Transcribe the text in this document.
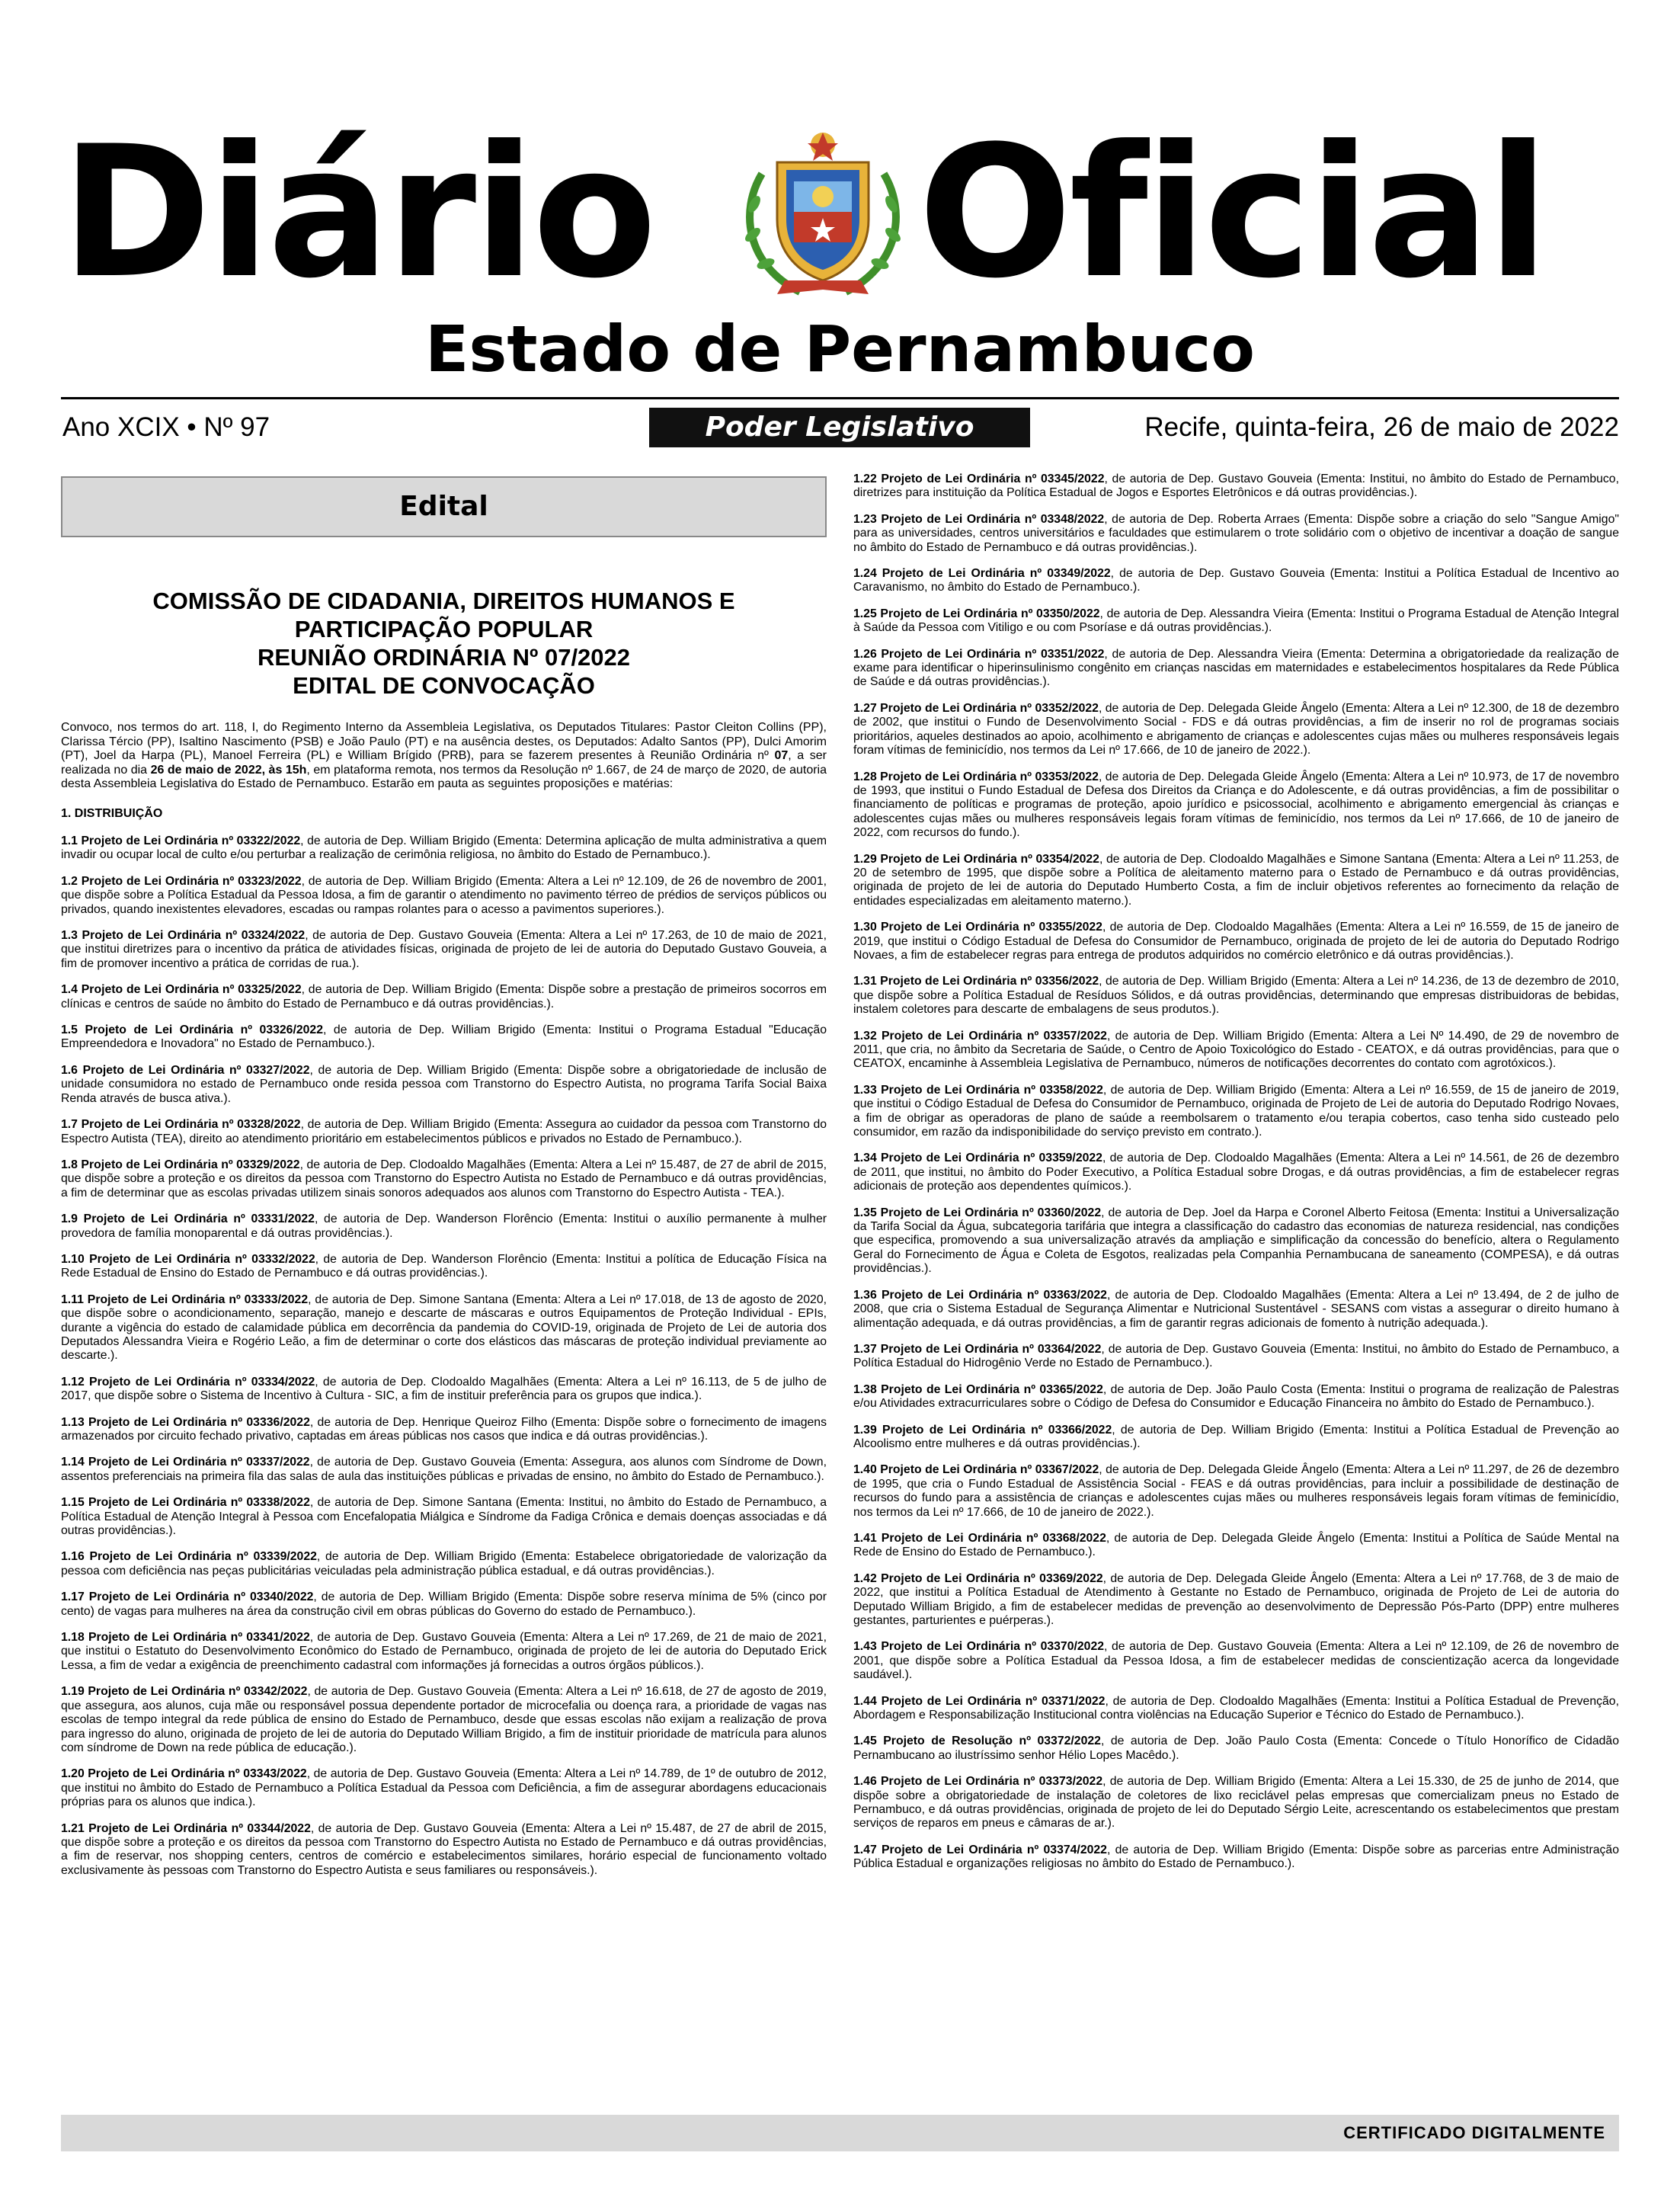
Diário Oficial
Estado de Pernambuco
Ano XCIX • Nº 97	Poder Legislativo	Recife, quinta-feira, 26 de maio de 2022
Edital
COMISSÃO DE CIDADANIA, DIREITOS HUMANOS E
PARTICIPAÇÃO POPULAR
REUNIÃO ORDINÁRIA Nº 07/2022
EDITAL DE CONVOCAÇÃO

Convoco, nos termos do art. 118, I, do Regimento Interno da Assembleia Legislativa, os Deputados Titulares: Pastor Cleiton Collins (PP), Clarissa Tércio (PP), Isaltino Nascimento (PSB) e João Paulo (PT) e na ausência destes, os Deputados: Adalto Santos (PP), Dulci Amorim (PT), Joel da Harpa (PL), Manoel Ferreira (PL) e William Brígido (PRB), para se fazerem presentes à Reunião Ordinária nº 07, a ser realizada no dia 26 de maio de 2022, às 15h, em plataforma remota, nos termos da Resolução nº 1.667, de 24 de março de 2020, de autoria desta Assembleia Legislativa do Estado de Pernambuco. Estarão em pauta as seguintes proposições e matérias:

1. DISTRIBUIÇÃO

1.1 Projeto de Lei Ordinária nº 03322/2022, de autoria de Dep. William Brigido (Ementa: Determina aplicação de multa administrativa a quem invadir ou ocupar local de culto e/ou perturbar a realização de cerimônia religiosa, no âmbito do Estado de Pernambuco.).

1.2 Projeto de Lei Ordinária nº 03323/2022, de autoria de Dep. William Brigido (Ementa: Altera a Lei nº 12.109, de 26 de novembro de 2001, que dispõe sobre a Política Estadual da Pessoa Idosa, a fim de garantir o atendimento no pavimento térreo de prédios de serviços públicos ou privados, quando inexistentes elevadores, escadas ou rampas rolantes para o acesso a pavimentos superiores.).

1.3 Projeto de Lei Ordinária nº 03324/2022, de autoria de Dep. Gustavo Gouveia (Ementa: Altera a Lei nº 17.263, de 10 de maio de 2021, que institui diretrizes para o incentivo da prática de atividades físicas, originada de projeto de lei de autoria do Deputado Gustavo Gouveia, a fim de promover incentivo a prática de corridas de rua.).

1.4 Projeto de Lei Ordinária nº 03325/2022, de autoria de Dep. William Brigido (Ementa: Dispõe sobre a prestação de primeiros socorros em clínicas e centros de saúde no âmbito do Estado de Pernambuco e dá outras providências.).

1.5 Projeto de Lei Ordinária nº 03326/2022, de autoria de Dep. William Brigido (Ementa: Institui o Programa Estadual "Educação Empreendedora e Inovadora" no Estado de Pernambuco.).

1.6 Projeto de Lei Ordinária nº 03327/2022, de autoria de Dep. William Brigido (Ementa: Dispõe sobre a obrigatoriedade de inclusão de unidade consumidora no estado de Pernambuco onde resida pessoa com Transtorno do Espectro Autista, no programa Tarifa Social Baixa Renda através de busca ativa.).

1.7 Projeto de Lei Ordinária nº 03328/2022, de autoria de Dep. William Brigido (Ementa: Assegura ao cuidador da pessoa com Transtorno do Espectro Autista (TEA), direito ao atendimento prioritário em estabelecimentos públicos e privados no Estado de Pernambuco.).

1.8 Projeto de Lei Ordinária nº 03329/2022, de autoria de Dep. Clodoaldo Magalhães (Ementa: Altera a Lei nº 15.487, de 27 de abril de 2015, que dispõe sobre a proteção e os direitos da pessoa com Transtorno do Espectro Autista no Estado de Pernambuco e dá outras providências, a fim de determinar que as escolas privadas utilizem sinais sonoros adequados aos alunos com Transtorno do Espectro Autista - TEA.).

1.9 Projeto de Lei Ordinária nº 03331/2022, de autoria de Dep. Wanderson Florêncio (Ementa: Institui o auxílio permanente à mulher provedora de família monoparental e dá outras providências.).

1.10 Projeto de Lei Ordinária nº 03332/2022, de autoria de Dep. Wanderson Florêncio (Ementa: Institui a política de Educação Física na Rede Estadual de Ensino do Estado de Pernambuco e dá outras providências.).

1.11 Projeto de Lei Ordinária nº 03333/2022, de autoria de Dep. Simone Santana (Ementa: Altera a Lei nº 17.018, de 13 de agosto de 2020, que dispõe sobre o acondicionamento, separação, manejo e descarte de máscaras e outros Equipamentos de Proteção Individual - EPIs, durante a vigência do estado de calamidade pública em decorrência da pandemia do COVID-19, originada de Projeto de Lei de autoria dos Deputados Alessandra Vieira e Rogério Leão, a fim de determinar o corte dos elásticos das máscaras de proteção individual previamente ao descarte.).

1.12 Projeto de Lei Ordinária nº 03334/2022, de autoria de Dep. Clodoaldo Magalhães (Ementa: Altera a Lei nº 16.113, de 5 de julho de 2017, que dispõe sobre o Sistema de Incentivo à Cultura - SIC, a fim de instituir preferência para os grupos que indica.).

1.13 Projeto de Lei Ordinária nº 03336/2022, de autoria de Dep. Henrique Queiroz Filho (Ementa: Dispõe sobre o fornecimento de imagens armazenados por circuito fechado privativo, captadas em áreas públicas nos casos que indica e dá outras providências.).

1.14 Projeto de Lei Ordinária nº 03337/2022, de autoria de Dep. Gustavo Gouveia (Ementa: Assegura, aos alunos com Síndrome de Down, assentos preferenciais na primeira fila das salas de aula das instituições públicas e privadas de ensino, no âmbito do Estado de Pernambuco.).

1.15 Projeto de Lei Ordinária nº 03338/2022, de autoria de Dep. Simone Santana (Ementa: Institui, no âmbito do Estado de Pernambuco, a Política Estadual de Atenção Integral à Pessoa com Encefalopatia Miálgica e Síndrome da Fadiga Crônica e demais doenças associadas e dá outras providências.).

1.16 Projeto de Lei Ordinária nº 03339/2022, de autoria de Dep. William Brigido (Ementa: Estabelece obrigatoriedade de valorização da pessoa com deficiência nas peças publicitárias veiculadas pela administração pública estadual, e dá outras providências.).

1.17 Projeto de Lei Ordinária nº 03340/2022, de autoria de Dep. William Brigido (Ementa: Dispõe sobre reserva mínima de 5% (cinco por cento) de vagas para mulheres na área da construção civil em obras públicas do Governo do estado de Pernambuco.).

1.18 Projeto de Lei Ordinária nº 03341/2022, de autoria de Dep. Gustavo Gouveia (Ementa: Altera a Lei nº 17.269, de 21 de maio de 2021, que institui o Estatuto do Desenvolvimento Econômico do Estado de Pernambuco, originada de projeto de lei de autoria do Deputado Erick Lessa, a fim de vedar a exigência de preenchimento cadastral com informações já fornecidas a outros órgãos públicos.).

1.19 Projeto de Lei Ordinária nº 03342/2022, de autoria de Dep. Gustavo Gouveia (Ementa: Altera a Lei nº 16.618, de 27 de agosto de 2019, que assegura, aos alunos, cuja mãe ou responsável possua dependente portador de microcefalia ou doença rara, a prioridade de vagas nas escolas de tempo integral da rede pública de ensino do Estado de Pernambuco, desde que essas escolas não exijam a realização de prova para ingresso do aluno, originada de projeto de lei de autoria do Deputado William Brigido, a fim de instituir prioridade de matrícula para alunos com síndrome de Down na rede pública de educação.).

1.20 Projeto de Lei Ordinária nº 03343/2022, de autoria de Dep. Gustavo Gouveia (Ementa: Altera a Lei nº 14.789, de 1º de outubro de 2012, que institui no âmbito do Estado de Pernambuco a Política Estadual da Pessoa com Deficiência, a fim de assegurar abordagens educacionais próprias para os alunos que indica.).

1.21 Projeto de Lei Ordinária nº 03344/2022, de autoria de Dep. Gustavo Gouveia (Ementa: Altera a Lei nº 15.487, de 27 de abril de 2015, que dispõe sobre a proteção e os direitos da pessoa com Transtorno do Espectro Autista no Estado de Pernambuco e dá outras providências, a fim de reservar, nos shopping centers, centros de comércio e estabelecimentos similares, horário especial de funcionamento voltado exclusivamente às pessoas com Transtorno do Espectro Autista e seus familiares ou responsáveis.).

1.22 Projeto de Lei Ordinária nº 03345/2022, de autoria de Dep. Gustavo Gouveia (Ementa: Institui, no âmbito do Estado de Pernambuco, diretrizes para instituição da Política Estadual de Jogos e Esportes Eletrônicos e dá outras providências.).

1.23 Projeto de Lei Ordinária nº 03348/2022, de autoria de Dep. Roberta Arraes (Ementa: Dispõe sobre a criação do selo "Sangue Amigo" para as universidades, centros universitários e faculdades que estimularem o trote solidário com o objetivo de incentivar a doação de sangue no âmbito do Estado de Pernambuco e dá outras providências.).

1.24 Projeto de Lei Ordinária nº 03349/2022, de autoria de Dep. Gustavo Gouveia (Ementa: Institui a Política Estadual de Incentivo ao Caravanismo, no âmbito do Estado de Pernambuco.).

1.25 Projeto de Lei Ordinária nº 03350/2022, de autoria de Dep. Alessandra Vieira (Ementa: Institui o Programa Estadual de Atenção Integral à Saúde da Pessoa com Vitiligo e ou com Psoríase e dá outras providências.).

1.26 Projeto de Lei Ordinária nº 03351/2022, de autoria de Dep. Alessandra Vieira (Ementa: Determina a obrigatoriedade da realização de exame para identificar o hiperinsulinismo congênito em crianças nascidas em maternidades e estabelecimentos hospitalares da Rede Pública de Saúde e dá outras providências.).

1.27 Projeto de Lei Ordinária nº 03352/2022, de autoria de Dep. Delegada Gleide Ângelo (Ementa: Altera a Lei nº 12.300, de 18 de dezembro de 2002, que institui o Fundo de Desenvolvimento Social - FDS e dá outras providências, a fim de inserir no rol de programas sociais prioritários, aqueles destinados ao apoio, acolhimento e abrigamento de crianças e adolescentes cujas mães ou mulheres responsáveis legais foram vítimas de feminicídio, nos termos da Lei nº 17.666, de 10 de janeiro de 2022.).

1.28 Projeto de Lei Ordinária nº 03353/2022, de autoria de Dep. Delegada Gleide Ângelo (Ementa: Altera a Lei nº 10.973, de 17 de novembro de 1993, que institui o Fundo Estadual de Defesa dos Direitos da Criança e do Adolescente, e dá outras providências, a fim de possibilitar o financiamento de políticas e programas de proteção, apoio jurídico e psicossocial, acolhimento e abrigamento emergencial às crianças e adolescentes cujas mães ou mulheres responsáveis legais foram vítimas de feminicídio, nos termos da Lei nº 17.666, de 10 de janeiro de 2022, com recursos do fundo.).

1.29 Projeto de Lei Ordinária nº 03354/2022, de autoria de Dep. Clodoaldo Magalhães e Simone Santana (Ementa: Altera a Lei nº 11.253, de 20 de setembro de 1995, que dispõe sobre a Política de aleitamento materno para o Estado de Pernambuco e dá outras providências, originada de projeto de lei de autoria do Deputado Humberto Costa, a fim de incluir objetivos referentes ao fornecimento da relação de entidades especializadas em aleitamento materno.).

1.30 Projeto de Lei Ordinária nº 03355/2022, de autoria de Dep. Clodoaldo Magalhães (Ementa: Altera a Lei nº 16.559, de 15 de janeiro de 2019, que institui o Código Estadual de Defesa do Consumidor de Pernambuco, originada de projeto de lei de autoria do Deputado Rodrigo Novaes, a fim de estabelecer regras para entrega de produtos adquiridos no comércio eletrônico e dá outras providências.).

1.31 Projeto de Lei Ordinária nº 03356/2022, de autoria de Dep. William Brigido (Ementa: Altera a Lei nº 14.236, de 13 de dezembro de 2010, que dispõe sobre a Política Estadual de Resíduos Sólidos, e dá outras providências, determinando que empresas distribuidoras de bebidas, instalem coletores para descarte de embalagens de seus produtos.).

1.32 Projeto de Lei Ordinária nº 03357/2022, de autoria de Dep. William Brigido (Ementa: Altera a Lei Nº 14.490, de 29 de novembro de 2011, que cria, no âmbito da Secretaria de Saúde, o Centro de Apoio Toxicológico do Estado - CEATOX, e dá outras providências, para que o CEATOX, encaminhe à Assembleia Legislativa de Pernambuco, números de notificações decorrentes do contato com agrotóxicos.).

1.33 Projeto de Lei Ordinária nº 03358/2022, de autoria de Dep. William Brigido (Ementa: Altera a Lei nº 16.559, de 15 de janeiro de 2019, que institui o Código Estadual de Defesa do Consumidor de Pernambuco, originada de Projeto de Lei de autoria do Deputado Rodrigo Novaes, a fim de obrigar as operadoras de plano de saúde a reembolsarem o tratamento e/ou terapia cobertos, caso tenha sido custeado pelo consumidor, em razão da indisponibilidade do serviço previsto em contrato.).

1.34 Projeto de Lei Ordinária nº 03359/2022, de autoria de Dep. Clodoaldo Magalhães (Ementa: Altera a Lei nº 14.561, de 26 de dezembro de 2011, que institui, no âmbito do Poder Executivo, a Política Estadual sobre Drogas, e dá outras providências, a fim de estabelecer regras adicionais de proteção aos dependentes químicos.).

1.35 Projeto de Lei Ordinária nº 03360/2022, de autoria de Dep. Joel da Harpa e Coronel Alberto Feitosa (Ementa: Institui a Universalização da Tarifa Social da Água, subcategoria tarifária que integra a classificação do cadastro das economias de natureza residencial, nas condições que especifica, promovendo a sua universalização através da ampliação e simplificação da concessão do benefício, altera o Regulamento Geral do Fornecimento de Água e Coleta de Esgotos, realizadas pela Companhia Pernambucana de saneamento (COMPESA), e dá outras providências.).

1.36 Projeto de Lei Ordinária nº 03363/2022, de autoria de Dep. Clodoaldo Magalhães (Ementa: Altera a Lei nº 13.494, de 2 de julho de 2008, que cria o Sistema Estadual de Segurança Alimentar e Nutricional Sustentável - SESANS com vistas a assegurar o direito humano à alimentação adequada, e dá outras providências, a fim de garantir regras adicionais de fomento à nutrição adequada.).

1.37 Projeto de Lei Ordinária nº 03364/2022, de autoria de Dep. Gustavo Gouveia (Ementa: Institui, no âmbito do Estado de Pernambuco, a Política Estadual do Hidrogênio Verde no Estado de Pernambuco.).

1.38 Projeto de Lei Ordinária nº 03365/2022, de autoria de Dep. João Paulo Costa (Ementa: Institui o programa de realização de Palestras e/ou Atividades extracurriculares sobre o Código de Defesa do Consumidor e Educação Financeira no âmbito do Estado de Pernambuco.).

1.39 Projeto de Lei Ordinária nº 03366/2022, de autoria de Dep. William Brigido (Ementa: Institui a Política Estadual de Prevenção ao Alcoolismo entre mulheres e dá outras providências.).

1.40 Projeto de Lei Ordinária nº 03367/2022, de autoria de Dep. Delegada Gleide Ângelo (Ementa: Altera a Lei nº 11.297, de 26 de dezembro de 1995, que cria o Fundo Estadual de Assistência Social - FEAS e dá outras providências, para incluir a possibilidade de destinação de recursos do fundo para a assistência de crianças e adolescentes cujas mães ou mulheres responsáveis legais foram vítimas de feminicídio, nos termos da Lei nº 17.666, de 10 de janeiro de 2022.).

1.41 Projeto de Lei Ordinária nº 03368/2022, de autoria de Dep. Delegada Gleide Ângelo (Ementa: Institui a Política de Saúde Mental na Rede de Ensino do Estado de Pernambuco.).

1.42 Projeto de Lei Ordinária nº 03369/2022, de autoria de Dep. Delegada Gleide Ângelo (Ementa: Altera a Lei nº 17.768, de 3 de maio de 2022, que institui a Política Estadual de Atendimento à Gestante no Estado de Pernambuco, originada de Projeto de Lei de autoria do Deputado William Brigido, a fim de estabelecer medidas de prevenção ao desenvolvimento de Depressão Pós-Parto (DPP) entre mulheres gestantes, parturientes e puérperas.).

1.43 Projeto de Lei Ordinária nº 03370/2022, de autoria de Dep. Gustavo Gouveia (Ementa: Altera a Lei nº 12.109, de 26 de novembro de 2001, que dispõe sobre a Política Estadual da Pessoa Idosa, a fim de estabelecer medidas de conscientização acerca da longevidade saudável.).

1.44 Projeto de Lei Ordinária nº 03371/2022, de autoria de Dep. Clodoaldo Magalhães (Ementa: Institui a Política Estadual de Prevenção, Abordagem e Responsabilização Institucional contra violências na Educação Superior e Técnico do Estado de Pernambuco.).

1.45 Projeto de Resolução nº 03372/2022, de autoria de Dep. João Paulo Costa (Ementa: Concede o Título Honorífico de Cidadão Pernambucano ao ilustríssimo senhor Hélio Lopes Macêdo.).

1.46 Projeto de Lei Ordinária nº 03373/2022, de autoria de Dep. William Brigido (Ementa: Altera a Lei 15.330, de 25 de junho de 2014, que dispõe sobre a obrigatoriedade de instalação de coletores de lixo reciclável pelas empresas que comercializam pneus no Estado de Pernambuco, e dá outras providências, originada de projeto de lei do Deputado Sérgio Leite, acrescentando os estabelecimentos que prestam serviços de reparos em pneus e câmaras de ar.).

1.47 Projeto de Lei Ordinária nº 03374/2022, de autoria de Dep. William Brigido (Ementa: Dispõe sobre as parcerias entre Administração Pública Estadual e organizações religiosas no âmbito do Estado de Pernambuco.).

CERTIFICADO DIGITALMENTE
